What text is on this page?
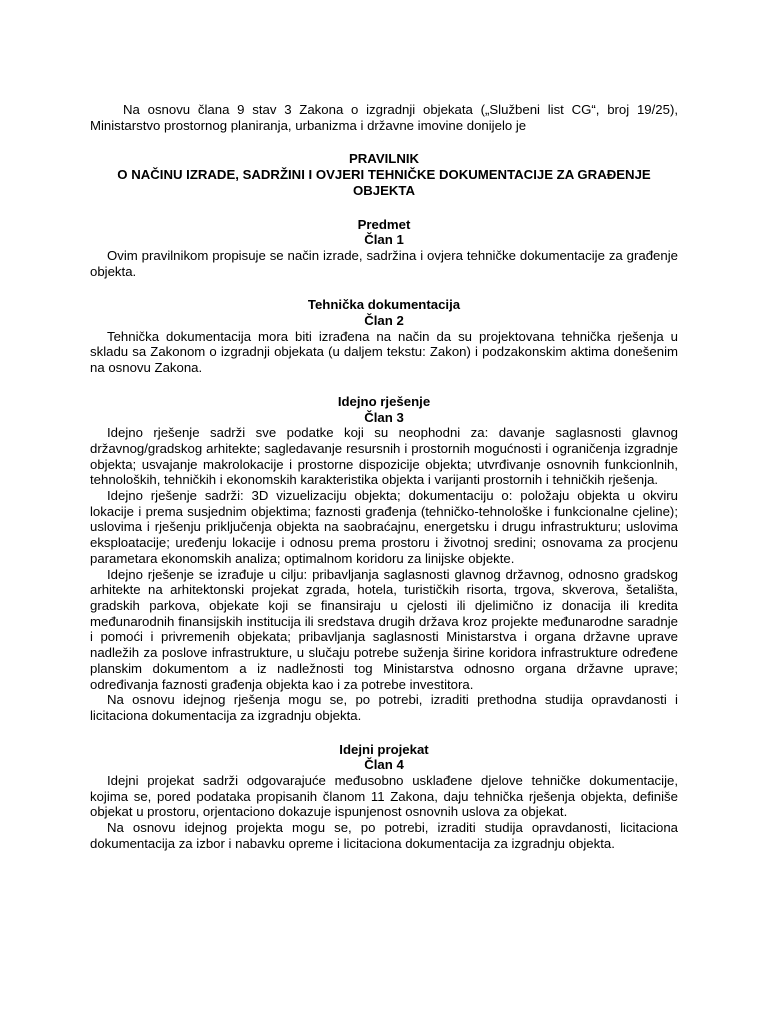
Na osnovu člana 9 stav 3 Zakona o izgradnji objekata („Službeni list CG“, broj 19/25), Ministarstvo prostornog planiranja, urbanizma i državne imovine donijelo je

PRAVILNIK
O NAČINU IZRADE, SADRŽINI I OVJERI TEHNIČKE DOKUMENTACIJE ZA GRAĐENJE OBJEKTA
Predmet
Član 1

Ovim pravilnikom propisuje se način izrade, sadržina i ovjera tehničke dokumentacije za građenje objekta.

Tehnička dokumentacija
Član 2

Tehnička dokumentacija mora biti izrađena na način da su projektovana tehnička rješenja u skladu sa Zakonom o izgradnji objekata (u daljem tekstu: Zakon) i podzakonskim aktima donešenim na osnovu Zakona.

Idejno rješenje
Član 3

Idejno rješenje sadrži sve podatke koji su neophodni za: davanje saglasnosti glavnog državnog/gradskog arhitekte; sagledavanje resursnih i prostornih mogućnosti i ograničenja izgradnje objekta; usvajanje makrolokacije i prostorne dispozicije objekta; utvrđivanje osnovnih funkcionlnih, tehnoloških, tehničkih i ekonomskih karakteristika objekta i varijanti prostornih i tehničkih rješenja.

Idejno rješenje sadrži: 3D vizuelizaciju objekta; dokumentaciju o: položaju objekta u okviru lokacije i prema susjednim objektima; faznosti građenja (tehničko-tehnološke i funkcionalne cjeline); uslovima i rješenju priključenja objekta na saobraćajnu, energetsku i drugu infrastrukturu; uslovima eksploatacije; uređenju lokacije i odnosu prema prostoru i životnoj sredini; osnovama za procjenu parametara ekonomskih analiza; optimalnom koridoru za linijske objekte.

Idejno rješenje se izrađuje u cilju: pribavljanja saglasnosti glavnog državnog, odnosno gradskog arhitekte na arhitektonski projekat zgrada, hotela, turističkih risorta, trgova, skverova, šetališta, gradskih parkova, objekate koji se finansiraju u cjelosti ili djelimično iz donacija ili kredita međunarodnih finansijskih institucija ili sredstava drugih država kroz projekte međunarodne saradnje i pomoći i privremenih objekata; pribavljanja saglasnosti Ministarstva i organa državne uprave nadležih za poslove infrastrukture, u slučaju potrebe suženja širine koridora infrastrukture određene planskim dokumentom a iz nadležnosti tog Ministarstva odnosno organa državne uprave; određivanja faznosti građenja objekta kao i za potrebe investitora.

Na osnovu idejnog rješenja mogu se, po potrebi, izraditi prethodna studija opravdanosti i licitaciona dokumentacija za izgradnju objekta.

Idejni projekat
Član 4

Idejni projekat sadrži odgovarajuće međusobno usklađene djelove tehničke dokumentacije, kojima se, pored podataka propisanih članom 11 Zakona, daju tehnička rješenja objekta, definiše objekat u prostoru, orjentaciono dokazuje ispunjenost osnovnih uslova za objekat.

Na osnovu idejnog projekta mogu se, po potrebi, izraditi studija opravdanosti, licitaciona dokumentacija za izbor i nabavku opreme i licitaciona dokumentacija za izgradnju objekta.
